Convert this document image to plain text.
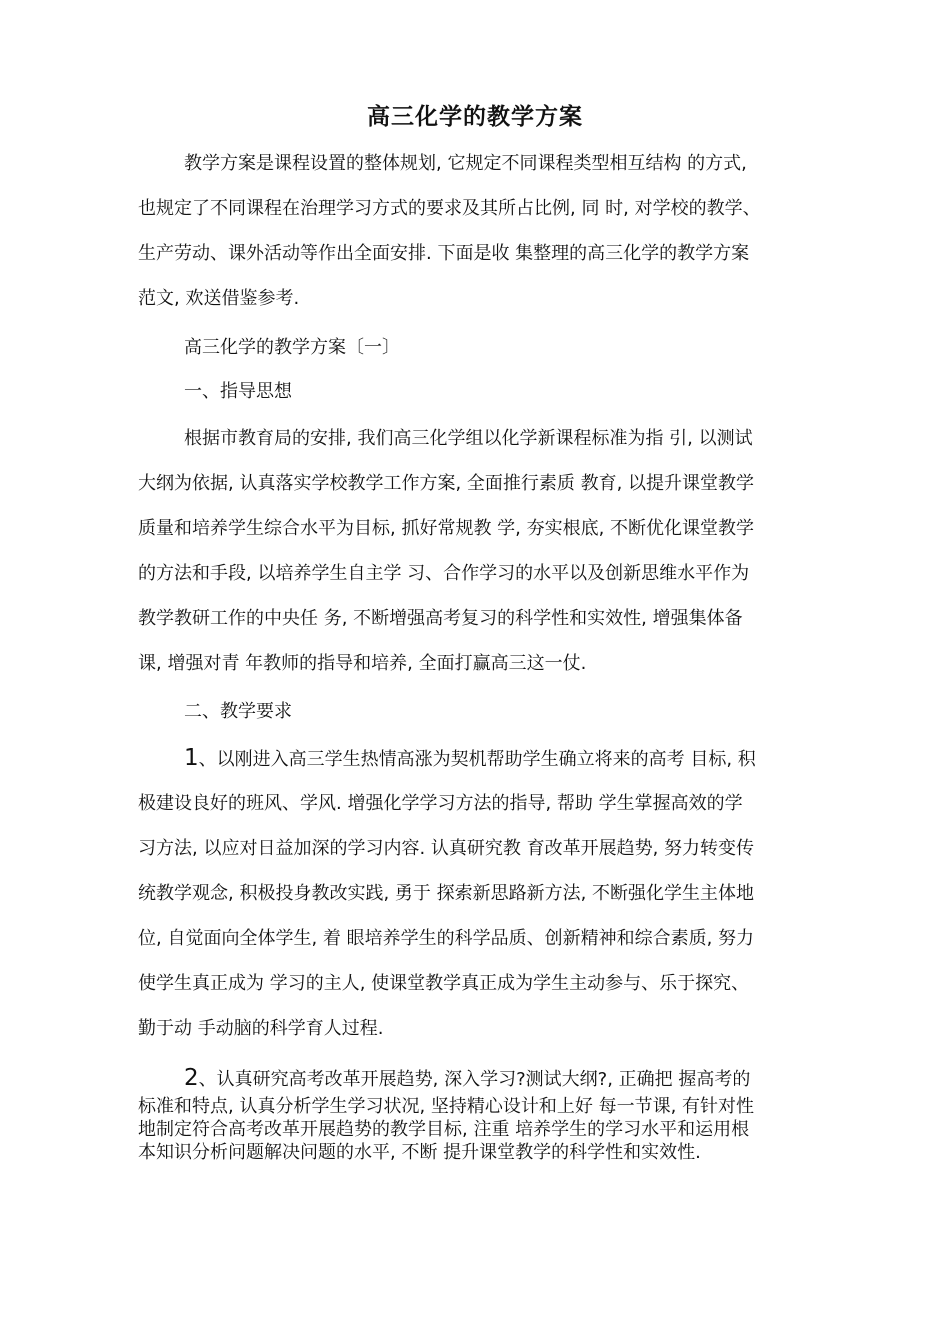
高三化学的教学方案
教学方案是课程设置的整体规划, 它规定不同课程类型相互结构 的方式,
也规定了不同课程在治理学习方式的要求及其所占比例, 同 时, 对学校的教学、
生产劳动、课外活动等作出全面安排. 下面是收 集整理的高三化学的教学方案
范文, 欢送借鉴参考.
高三化学的教学方案〔一〕
一、指导思想
根据市教育局的安排, 我们高三化学组以化学新课程标准为指 引, 以测试
大纲为依据, 认真落实学校教学工作方案, 全面推行素质 教育, 以提升课堂教学
质量和培养学生综合水平为目标, 抓好常规教 学, 夯实根底, 不断优化课堂教学
的方法和手段, 以培养学生自主学 习、合作学习的水平以及创新思维水平作为
教学教研工作的中央任 务, 不断增强高考复习的科学性和实效性, 增强集体备
课, 增强对青 年教师的指导和培养, 全面打赢高三这一仗.
二、教学要求
1、以刚进入高三学生热情高涨为契机帮助学生确立将来的高考 目标, 积
极建设良好的班风、学风. 增强化学学习方法的指导, 帮助 学生掌握高效的学
习方法, 以应对日益加深的学习内容. 认真研究教 育改革开展趋势, 努力转变传
统教学观念, 积极投身教改实践, 勇于 探索新思路新方法, 不断强化学生主体地
位, 自觉面向全体学生, 着 眼培养学生的科学品质、创新精神和综合素质, 努力
使学生真正成为 学习的主人, 使课堂教学真正成为学生主动参与、乐于探究、
勤于动 手动脑的科学育人过程.
2、认真研究高考改革开展趋势, 深入学习?测试大纲?, 正确把 握高考的
标准和特点, 认真分析学生学习状况, 坚持精心设计和上好 每一节课, 有针对性
地制定符合高考改革开展趋势的教学目标, 注重 培养学生的学习水平和运用根
本知识分析问题解决问题的水平, 不断 提升课堂教学的科学性和实效性.
